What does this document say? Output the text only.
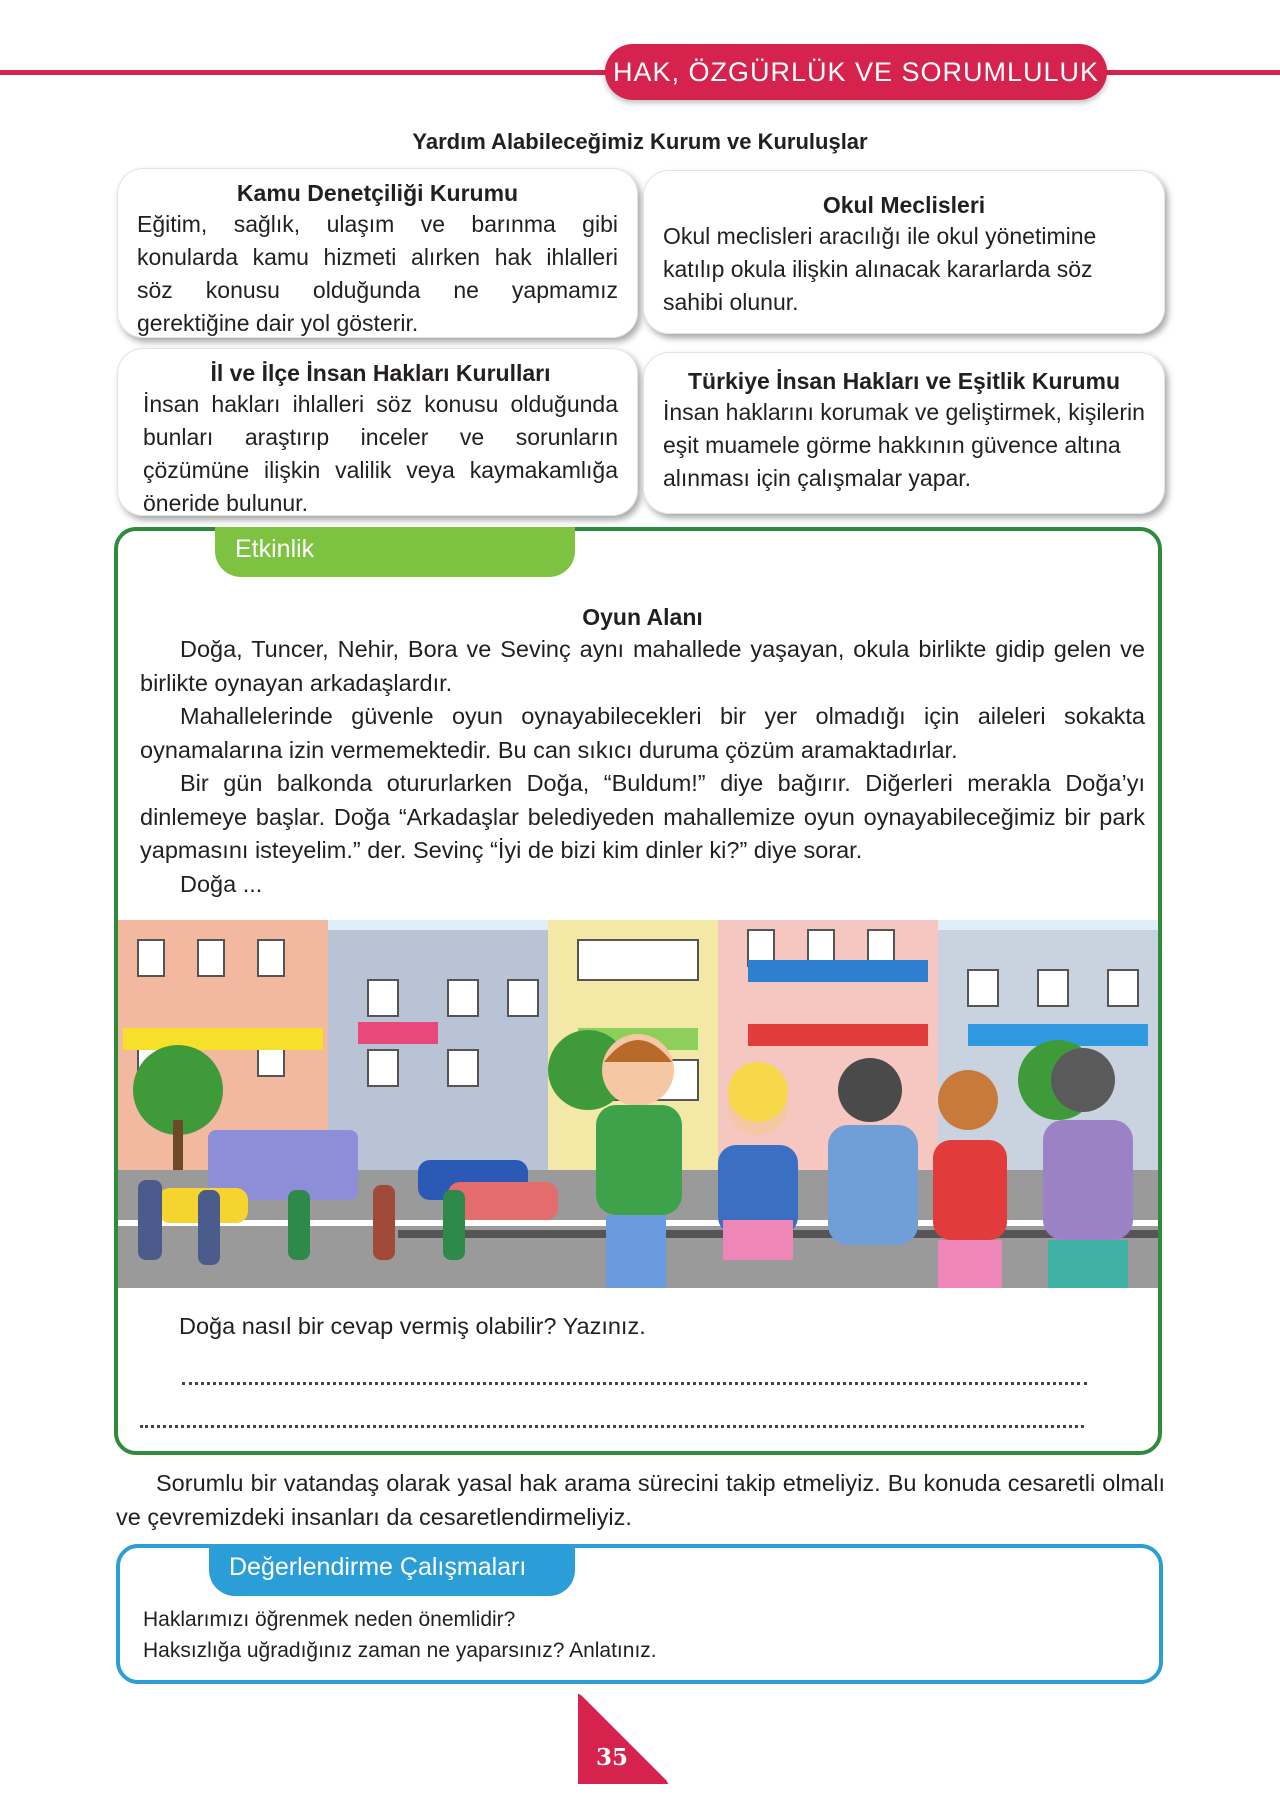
HAK, ÖZGÜRLÜK VE SORUMLULUK
Yardım Alabileceğimiz Kurum ve Kuruluşlar
Kamu Denetçiliği Kurumu

Eğitim, sağlık, ulaşım ve barınma gibi konularda kamu hizmeti alırken hak ihlalleri söz konusu olduğunda ne yapmamız gerektiğine dair yol gösterir.

Okul Meclisleri

Okul meclisleri aracılığı ile okul yönetimine katılıp okula ilişkin alınacak kararlarda söz sahibi olunur.

İl ve İlçe İnsan Hakları Kurulları

İnsan hakları ihlalleri söz konusu olduğunda bunları araştırıp inceler ve sorunların çözümüne ilişkin valilik veya kaymakamlığa öneride bulunur.

Türkiye İnsan Hakları ve Eşitlik Kurumu

İnsan haklarını korumak ve geliştirmek, kişilerin eşit muamele görme hakkının güvence altına alınması için çalışmalar yapar.

Etkinlik
Oyun Alanı

Doğa, Tuncer, Nehir, Bora ve Sevinç aynı mahallede yaşayan, okula birlikte gidip gelen ve birlikte oynayan arkadaşlardır.

Mahallelerinde güvenle oyun oynayabilecekleri bir yer olmadığı için aileleri sokakta oynamalarına izin vermemektedir. Bu can sıkıcı duruma çözüm aramaktadırlar.

Bir gün balkonda otururlarken Doğa, “Buldum!” diye bağırır. Diğerleri merakla Doğa’yı dinlemeye başlar. Doğa “Arkadaşlar belediyeden mahallemize oyun oynayabileceğimiz bir park yapmasını isteyelim.” der. Sevinç “İyi de bizi kim dinler ki?” diye sorar.

Doğa ...

Doğa nasıl bir cevap vermiş olabilir? Yazınız.

Sorumlu bir vatandaş olarak yasal hak arama sürecini takip etmeliyiz. Bu konuda cesaretli olmalı ve çevremizdeki insanları da cesaretlendirmeliyiz.

Değerlendirme Çalışmaları
Haklarımızı öğrenmek neden önemlidir?
Haksızlığa uğradığınız zaman ne yaparsınız? Anlatınız.
35
